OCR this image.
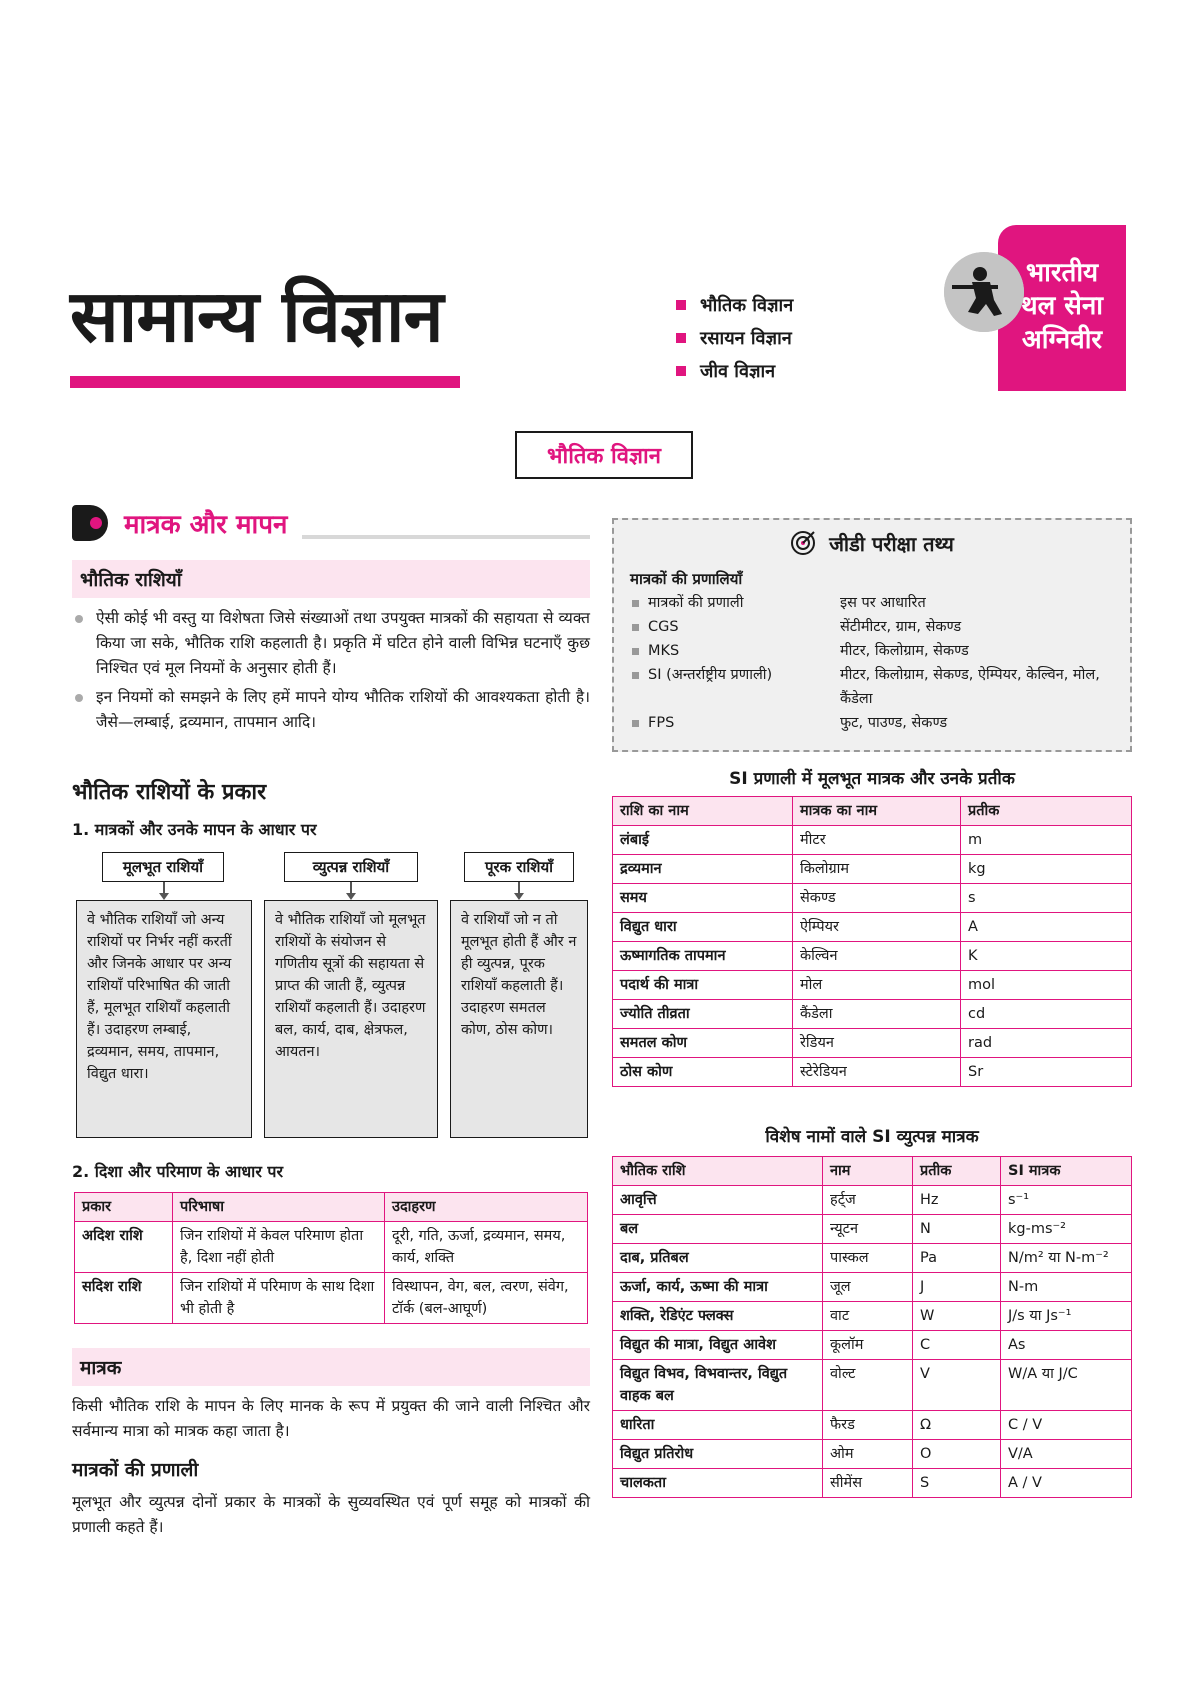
सामान्य विज्ञान	भौतिक विज्ञान
रसायन विज्ञान
जीव विज्ञान
भारतीय
थल सेना
अग्निवीर
भौतिक विज्ञान
मात्रक और मापन
भौतिक राशियाँ
ऐसी कोई भी वस्तु या विशेषता जिसे संख्याओं तथा उपयुक्त मात्रकों की सहायता से व्यक्त किया जा सके, भौतिक राशि कहलाती है। प्रकृति में घटित होने वाली विभिन्न घटनाएँ कुछ निश्चित एवं मूल नियमों के अनुसार होती हैं।
इन नियमों को समझने के लिए हमें मापने योग्य भौतिक राशियों की आवश्यकता होती है। जैसे—लम्बाई, द्रव्यमान, तापमान आदि।
भौतिक राशियों के प्रकार
1. मात्रकों और उनके मापन के आधार पर
मूलभूत राशियाँ	व्युत्पन्न राशियाँ	पूरक राशियाँ
वे भौतिक राशियाँ जो अन्य राशियों पर निर्भर नहीं करतीं और जिनके आधार पर अन्य राशियाँ परिभाषित की जाती हैं, मूलभूत राशियाँ कहलाती हैं। उदाहरण लम्बाई, द्रव्यमान, समय, तापमान, विद्युत धारा।
वे भौतिक राशियाँ जो मूलभूत राशियों के संयोजन से गणितीय सूत्रों की सहायता से प्राप्त की जाती हैं, व्युत्पन्न राशियाँ कहलाती हैं। उदाहरण बल, कार्य, दाब, क्षेत्रफल, आयतन।
वे राशियाँ जो न तो मूलभूत होती हैं और न ही व्युत्पन्न, पूरक राशियाँ कहलाती हैं। उदाहरण समतल कोण, ठोस कोण।
2. दिशा और परिमाण के आधार पर
प्रकार	परिभाषा	उदाहरण
अदिश राशि	जिन राशियों में केवल परिमाण होता है, दिशा नहीं होती	दूरी, गति, ऊर्जा, द्रव्यमान, समय, कार्य, शक्ति
सदिश राशि	जिन राशियों में परिमाण के साथ दिशा भी होती है	विस्थापन, वेग, बल, त्वरण, संवेग, टॉर्क (बल-आघूर्ण)
मात्रक
किसी भौतिक राशि के मापन के लिए मानक के रूप में प्रयुक्त की जाने वाली निश्चित और सर्वमान्य मात्रा को मात्रक कहा जाता है।
मात्रकों की प्रणाली
मूलभूत और व्युत्पन्न दोनों प्रकार के मात्रकों के सुव्यवस्थित एवं पूर्ण समूह को मात्रकों की प्रणाली कहते हैं।
जीडी परीक्षा तथ्य
मात्रकों की प्रणालियाँ
मात्रकों की प्रणाली	इस पर आधारित
CGS	सेंटीमीटर, ग्राम, सेकण्ड
MKS	मीटर, किलोग्राम, सेकण्ड
SI (अन्तर्राष्ट्रीय प्रणाली)	मीटर, किलोग्राम, सेकण्ड, ऐम्पियर, केल्विन, मोल, कैंडेला
FPS	फुट, पाउण्ड, सेकण्ड
SI प्रणाली में मूलभूत मात्रक और उनके प्रतीक
राशि का नाम	मात्रक का नाम	प्रतीक
लंबाई	मीटर	m
द्रव्यमान	किलोग्राम	kg
समय	सेकण्ड	s
विद्युत धारा	ऐम्पियर	A
ऊष्मागतिक तापमान	केल्विन	K
पदार्थ की मात्रा	मोल	mol
ज्योति तीव्रता	कैंडेला	cd
समतल कोण	रेडियन	rad
ठोस कोण	स्टेरेडियन	Sr
विशेष नामों वाले SI व्युत्पन्न मात्रक
भौतिक राशि	नाम	प्रतीक	SI मात्रक
आवृत्ति	हर्ट्ज	Hz	s⁻¹
बल	न्यूटन	N	kg-ms⁻²
दाब, प्रतिबल	पास्कल	Pa	N/m² या N-m⁻²
ऊर्जा, कार्य, ऊष्मा की मात्रा	जूल	J	N-m
शक्ति, रेडिएंट फ्लक्स	वाट	W	J/s या Js⁻¹
विद्युत की मात्रा, विद्युत आवेश	कूलॉम	C	As
विद्युत विभव, विभवान्तर, विद्युत वाहक बल	वोल्ट	V	W/A या J/C
धारिता	फैरड	Ω	C / V
विद्युत प्रतिरोध	ओम	O	V/A
चालकता	सीमेंस	S	A / V
